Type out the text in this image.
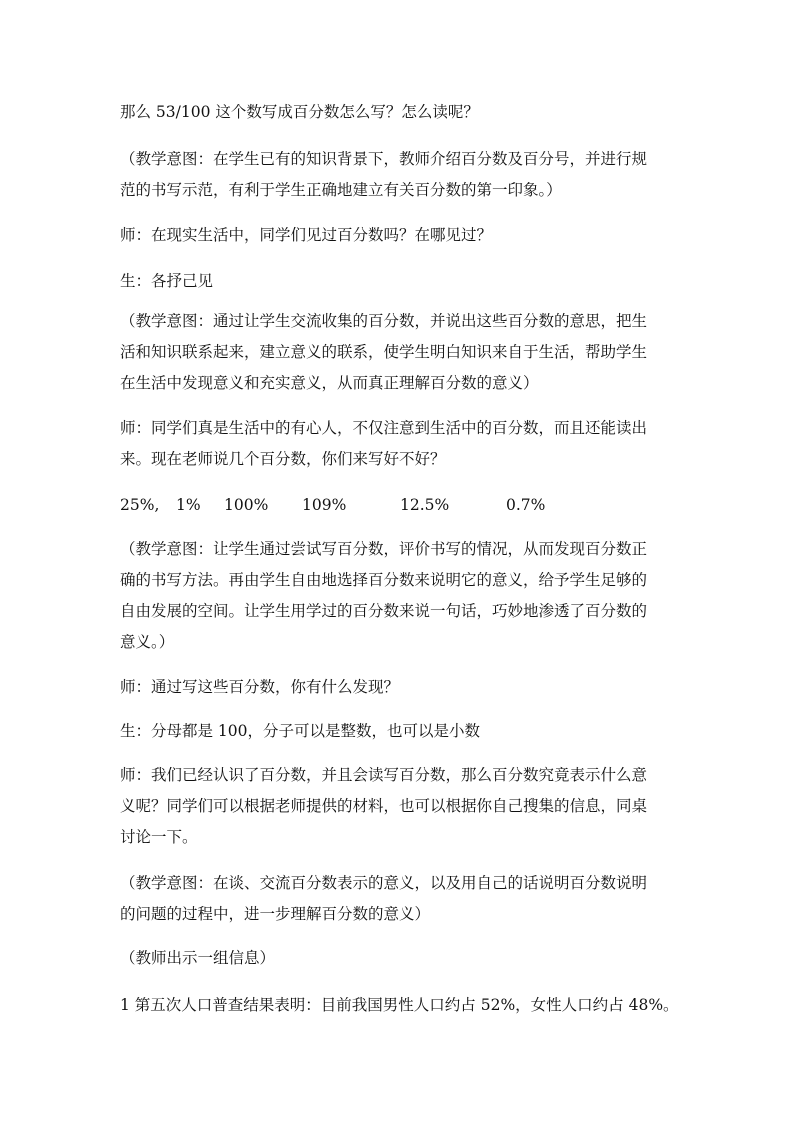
那么 53/100 这个数写成百分数怎么写？怎么读呢？
（教学意图：在学生已有的知识背景下，教师介绍百分数及百分号，并进行规
范的书写示范，有利于学生正确地建立有关百分数的第一印象。）
师：在现实生活中，同学们见过百分数吗？在哪见过？
生：各抒己见
（教学意图：通过让学生交流收集的百分数，并说出这些百分数的意思，把生
活和知识联系起来，建立意义的联系，使学生明白知识来自于生活，帮助学生
在生活中发现意义和充实意义，从而真正理解百分数的意义）
师：同学们真是生活中的有心人，不仅注意到生活中的百分数，而且还能读出
来。现在老师说几个百分数，你们来写好不好？
25%, 1% 100% 109%	12.5%	0.7%
（教学意图：让学生通过尝试写百分数，评价书写的情况，从而发现百分数正
确的书写方法。再由学生自由地选择百分数来说明它的意义，给予学生足够的
自由发展的空间。让学生用学过的百分数来说一句话，巧妙地渗透了百分数的
意义。）
师：通过写这些百分数，你有什么发现？
生：分母都是 100，分子可以是整数，也可以是小数
师：我们已经认识了百分数，并且会读写百分数，那么百分数究竟表示什么意
义呢？同学们可以根据老师提供的材料，也可以根据你自己搜集的信息，同桌
讨论一下。
（教学意图：在谈、交流百分数表示的意义，以及用自己的话说明百分数说明
的问题的过程中，进一步理解百分数的意义）
（教师出示一组信息）
1 第五次人口普查结果表明：目前我国男性人口约占 52%，女性人口约占 48%。
